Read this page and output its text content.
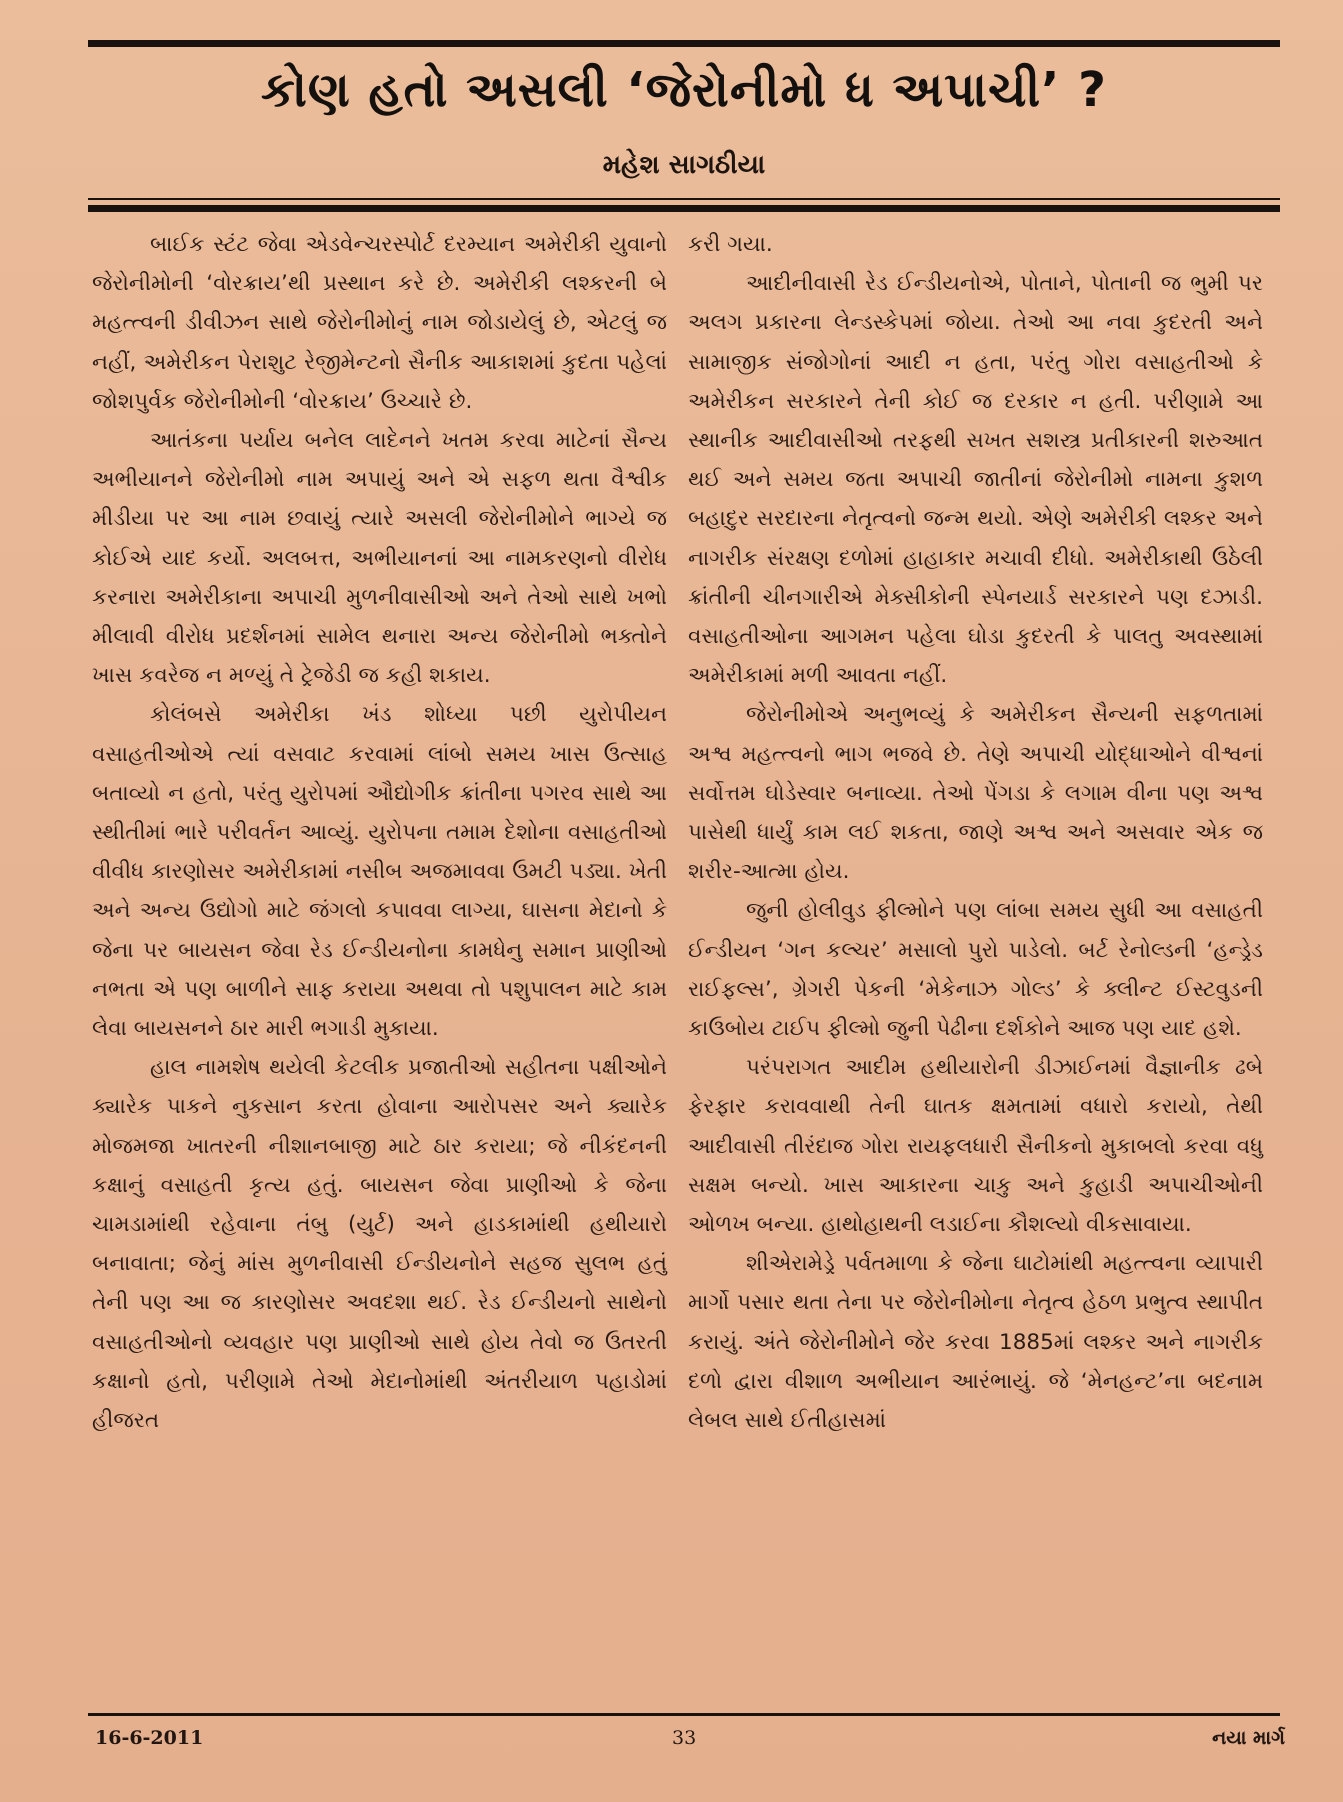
કોણ હતો અસલી ‘જેરોનીમો ધ અપાચી’ ?
મહેશ સાગઠીયા

બાઈક સ્ટંટ જેવા એડવેન્ચરસ્પોર્ટ દરમ્યાન અમેરીકી યુવાનો જેરોનીમોની ‘વોરક્રાય’થી પ્રસ્થાન કરે છે. અમેરીકી લશ્કરની બે મહત્ત્વની ડીવીઝન સાથે જેરોનીમોનું નામ જોડાયેલું છે, એટલું જ નહીં, અમેરીકન પેરાશુટ રેજીમેન્ટનો સૈનીક આકાશમાં કુદતા પહેલાં જોશપુર્વક જેરોનીમોની ‘વોરક્રાય’ ઉચ્ચારે છે.

આતંકના પર્યાય બનેલ લાદેનને ખતમ કરવા માટેનાં સૈન્ય અભીયાનને જેરોનીમો નામ અપાયું અને એ સફળ થતા વૈશ્વીક મીડીયા પર આ નામ છવાયું ત્યારે અસલી જેરોનીમોને ભાગ્યે જ કોઈએ યાદ કર્યો. અલબત્ત, અભીયાનનાં આ નામકરણનો વીરોધ કરનારા અમેરીકાના અપાચી મુળનીવાસીઓ અને તેઓ સાથે ખભો મીલાવી વીરોધ પ્રદર્શનમાં સામેલ થનારા અન્ય જેરોનીમો ભક્તોને ખાસ કવરેજ ન મળ્યું તે ટ્રેજેડી જ કહી શકાય.

કોલંબસે અમેરીકા ખંડ શોધ્યા પછી યુરોપીયન વસાહતીઓએ ત્યાં વસવાટ કરવામાં લાંબો સમય ખાસ ઉત્સાહ બતાવ્યો ન હતો, પરંતુ યુરોપમાં ઔદ્યોગીક ક્રાંતીના પગરવ સાથે આ સ્થીતીમાં ભારે પરીવર્તન આવ્યું. યુરોપના તમામ દેશોના વસાહતીઓ વીવીધ કારણોસર અમેરીકામાં નસીબ અજમાવવા ઉમટી પડ્યા. ખેતી અને અન્ય ઉદ્યોગો માટે જંગલો કપાવવા લાગ્યા, ઘાસના મેદાનો કે જેના પર બાયસન જેવા રેડ ઈન્ડીયનોના કામધેનુ સમાન પ્રાણીઓ નભતા એ પણ બાળીને સાફ કરાયા અથવા તો પશુપાલન માટે કામ લેવા બાયસનને ઠાર મારી ભગાડી મુકાયા.

હાલ નામશેષ થયેલી કેટલીક પ્રજાતીઓ સહીતના પક્ષીઓને ક્યારેક પાકને નુકસાન કરતા હોવાના આરોપસર અને ક્યારેક મોજમજા ખાતરની નીશાનબાજી માટે ઠાર કરાયા; જે નીકંદનની કક્ષાનું વસાહતી કૃત્ય હતું. બાયસન જેવા પ્રાણીઓ કે જેના ચામડામાંથી રહેવાના તંબુ (યુર્ટ) અને હાડકામાંથી હથીયારો બનાવાતા; જેનું માંસ મુળનીવાસી ઈન્ડીયનોને સહજ સુલભ હતું તેની પણ આ જ કારણોસર અવદશા થઈ. રેડ ઈન્ડીયનો સાથેનો વસાહતીઓનો વ્યવહાર પણ પ્રાણીઓ સાથે હોય તેવો જ ઉતરતી કક્ષાનો હતો, પરીણામે તેઓ મેદાનોમાંથી અંતરીયાળ પહાડોમાં હીજરત

કરી ગયા.

આદીનીવાસી રેડ ઈન્ડીયનોએ, પોતાને, પોતાની જ ભુમી પર અલગ પ્રકારના લેન્ડસ્કેપમાં જોયા. તેઓ આ નવા કુદરતી અને સામાજીક સંજોગોનાં આદી ન હતા, પરંતુ ગોરા વસાહતીઓ કે અમેરીકન સરકારને તેની કોઈ જ દરકાર ન હતી. પરીણામે આ સ્થાનીક આદીવાસીઓ તરફથી સખત સશસ્ત્ર પ્રતીકારની શરુઆત થઈ અને સમય જતા અપાચી જાતીનાં જેરોનીમો નામના કુશળ બહાદુર સરદારના નેતૃત્વનો જન્મ થયો. એણે અમેરીકી લશ્કર અને નાગરીક સંરક્ષણ દળોમાં હાહાકાર મચાવી દીધો. અમેરીકાથી ઉઠેલી ક્રાંતીની ચીનગારીએ મેક્સીકોની સ્પેનયાર્ડ સરકારને પણ દઝાડી. વસાહતીઓના આગમન પહેલા ઘોડા કુદરતી કે પાલતુ અવસ્થામાં અમેરીકામાં મળી આવતા નહીં.

જેરોનીમોએ અનુભવ્યું કે અમેરીકન સૈન્યની સફળતામાં અશ્વ મહત્ત્વનો ભાગ ભજવે છે. તેણે અપાચી યોદ્ધાઓને વીશ્વનાં સર્વોત્તમ ઘોડેસ્વાર બનાવ્યા. તેઓ પેંગડા કે લગામ વીના પણ અશ્વ પાસેથી ધાર્યું કામ લઈ શકતા, જાણે અશ્વ અને અસવાર એક જ શરીર-આત્મા હોય.

જુની હોલીવુડ ફીલ્મોને પણ લાંબા સમય સુધી આ વસાહતી ઈન્ડીયન ‘ગન કલ્ચર’ મસાલો પુરો પાડેલો. બર્ટ રેનોલ્ડની ‘હન્ડ્રેડ રાઈફલ્સ’, ગ્રેગરી પેકની ‘મેકેનાઝ ગોલ્ડ’ કે ક્લીન્ટ ઈસ્ટવુડની કાઉબોય ટાઈપ ફીલ્મો જુની પેઢીના દર્શકોને આજ પણ યાદ હશે.

પરંપરાગત આદીમ હથીયારોની ડીઝાઈનમાં વૈજ્ઞાનીક ઢબે ફેરફાર કરાવવાથી તેની ઘાતક ક્ષમતામાં વધારો કરાયો, તેથી આદીવાસી તીરંદાજ ગોરા રાયફલધારી સૈનીકનો મુકાબલો કરવા વધુ સક્ષમ બન્યો. ખાસ આકારના ચાકુ અને કુહાડી અપાચીઓની ઓળખ બન્યા. હાથોહાથની લડાઈના કૌશલ્યો વીકસાવાયા.

શીએરામેડ્રે પર્વતમાળા કે જેના ઘાટોમાંથી મહત્ત્વના વ્યાપારી માર્ગો પસાર થતા તેના પર જેરોનીમોના નેતૃત્વ હેઠળ પ્રભુત્વ સ્થાપીત કરાયું. અંતે જેરોનીમોને જેર કરવા 1885માં લશ્કર અને નાગરીક દળો દ્વારા વીશાળ અભીયાન આરંભાયું. જે ‘મેનહન્ટ’ના બદનામ લેબલ સાથે ઈતીહાસમાં

16-6-2011	33	નયા માર્ગ
